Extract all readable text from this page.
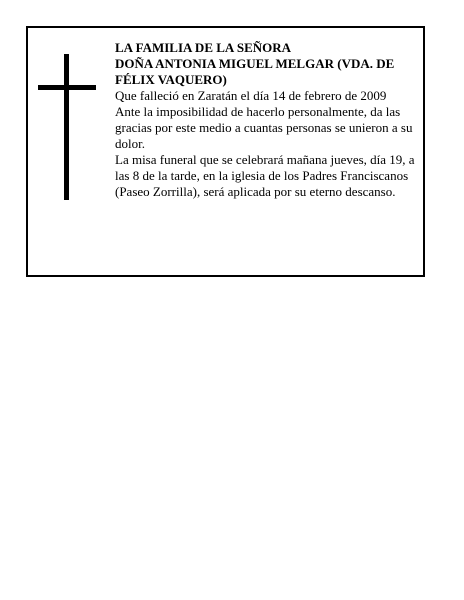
LA FAMILIA DE LA SEÑORA

DOÑA ANTONIA MIGUEL MELGAR (VDA. DE FÉLIX VAQUERO)

Que falleció en Zaratán el día 14 de febrero de 2009

Ante la imposibilidad de hacerlo personalmente, da las gracias por este medio a cuantas personas se unieron a su dolor.

La misa funeral que se celebrará mañana jueves, día 19, a las 8 de la tarde, en la iglesia de los Padres Franciscanos (Paseo Zorrilla), será aplicada por su eterno descanso.
